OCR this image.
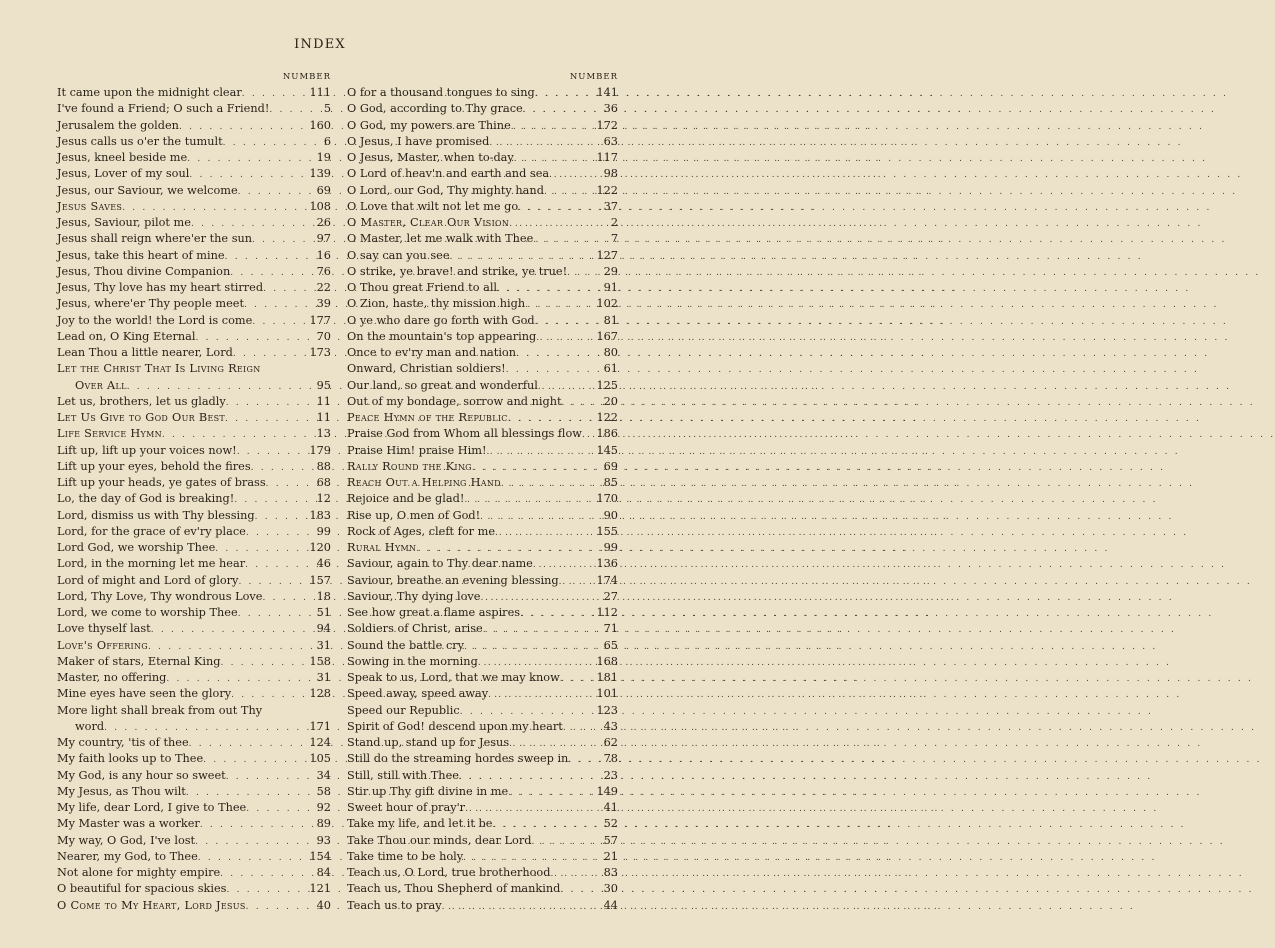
INDEX
NUMBER
It came upon the midnight clear . . .	111
I've found a Friend; O such a Friend! . . .	5
Jerusalem the golden . . .	160
Jesus calls us o'er the tumult . . .	6
Jesus, kneel beside me . . .	19
Jesus, Lover of my soul . . .	139
Jesus, our Saviour, we welcome . . .	69
Jesus Saves . . .	108
Jesus, Saviour, pilot me . . .	26
Jesus shall reign where'er the sun . . .	97
Jesus, take this heart of mine . . .	16
Jesus, Thou divine Companion . . .	76
Jesus, Thy love has my heart stirred . . .	22
Jesus, where'er Thy people meet . . .	39
Joy to the world! the Lord is come . . .	177
Lead on, O King Eternal . . .	70
Lean Thou a little nearer, Lord . . .	173
Let the Christ That Is Living Reign
Over All . . .	95
Let us, brothers, let us gladly . . .	11
Let Us Give to God Our Best . . .	11
Life Service Hymn . . .	13
Lift up, lift up your voices now! . . .	179
Lift up your eyes, behold the fires . . .	88
Lift up your heads, ye gates of brass . . .	68
Lo, the day of God is breaking! . . .	12
Lord, dismiss us with Thy blessing . . .	183
Lord, for the grace of ev'ry place . . .	99
Lord God, we worship Thee . . .	120
Lord, in the morning let me hear . . .	46
Lord of might and Lord of glory . . .	157
Lord, Thy Love, Thy wondrous Love . . .	18
Lord, we come to worship Thee . . .	51
Love thyself last . . .	94
Love's Offering . . .	31
Maker of stars, Eternal King . . .	158
Master, no offering . . .	31
Mine eyes have seen the glory . . .	128
More light shall break from out Thy
word . . .	171
My country, 'tis of thee . . .	124
My faith looks up to Thee . . .	105
My God, is any hour so sweet . . .	34
My Jesus, as Thou wilt . . .	58
My life, dear Lord, I give to Thee . . .	92
My Master was a worker . . .	89
My way, O God, I've lost . . .	93
Nearer, my God, to Thee . . .	154
Not alone for mighty empire . . .	84
O beautiful for spacious skies . . .	121
O Come to My Heart, Lord Jesus . . .	40
NUMBER
O for a thousand tongues to sing . . .	141
O God, according to Thy grace . . .	36
O God, my powers are Thine . . .	172
O Jesus, I have promised . . .	63
O Jesus, Master, when to-day . . .	117
O Lord of heav'n and earth and sea . . .	98
O Lord, our God, Thy mighty hand . . .	122
O Love that wilt not let me go . . .	37
O Master, Clear Our Vision . . .	2
O Master, let me walk with Thee . . .	7
O say can you see . . .	127
O strike, ye brave! and strike, ye true! . . .	29
O Thou great Friend to all . . .	91
O Zion, haste, thy mission high . . .	102
O ye who dare go forth with God . . .	81
On the mountain's top appearing . . .	167
Once to ev'ry man and nation . . .	80
Onward, Christian soldiers! . . .	61
Our land, so great and wonderful . . .	125
Out of my bondage, sorrow and night . . .	20
Peace Hymn of the Republic . . .	122
Praise God from Whom all blessings flow . . .	186
Praise Him! praise Him! . . .	145
Rally Round the King . . .	69
Reach Out a Helping Hand . . .	85
Rejoice and be glad! . . .	170
Rise up, O men of God! . . .	90
Rock of Ages, cleft for me . . .	155
Rural Hymn . . .	99
Saviour, again to Thy dear name . . .	136
Saviour, breathe an evening blessing . . .	174
Saviour, Thy dying love . . .	27
See how great a flame aspires . . .	112
Soldiers of Christ, arise . . .	71
Sound the battle cry . . .	65
Sowing in the morning . . .	168
Speak to us, Lord, that we may know . . .	181
Speed away, speed away . . .	101
Speed our Republic . . .	123
Spirit of God! descend upon my heart . . .	43
Stand up, stand up for Jesus . . .	62
Still do the streaming hordes sweep in . . .	78
Still, still with Thee . . .	23
Stir up Thy gift divine in me . . .	149
Sweet hour of pray'r . . .	41
Take my life, and let it be . . .	52
Take Thou our minds, dear Lord . . .	57
Take time to be holy . . .	21
Teach us, O Lord, true brotherhood . . .	83
Teach us, Thou Shepherd of mankind . . .	30
Teach us to pray . . .	44
